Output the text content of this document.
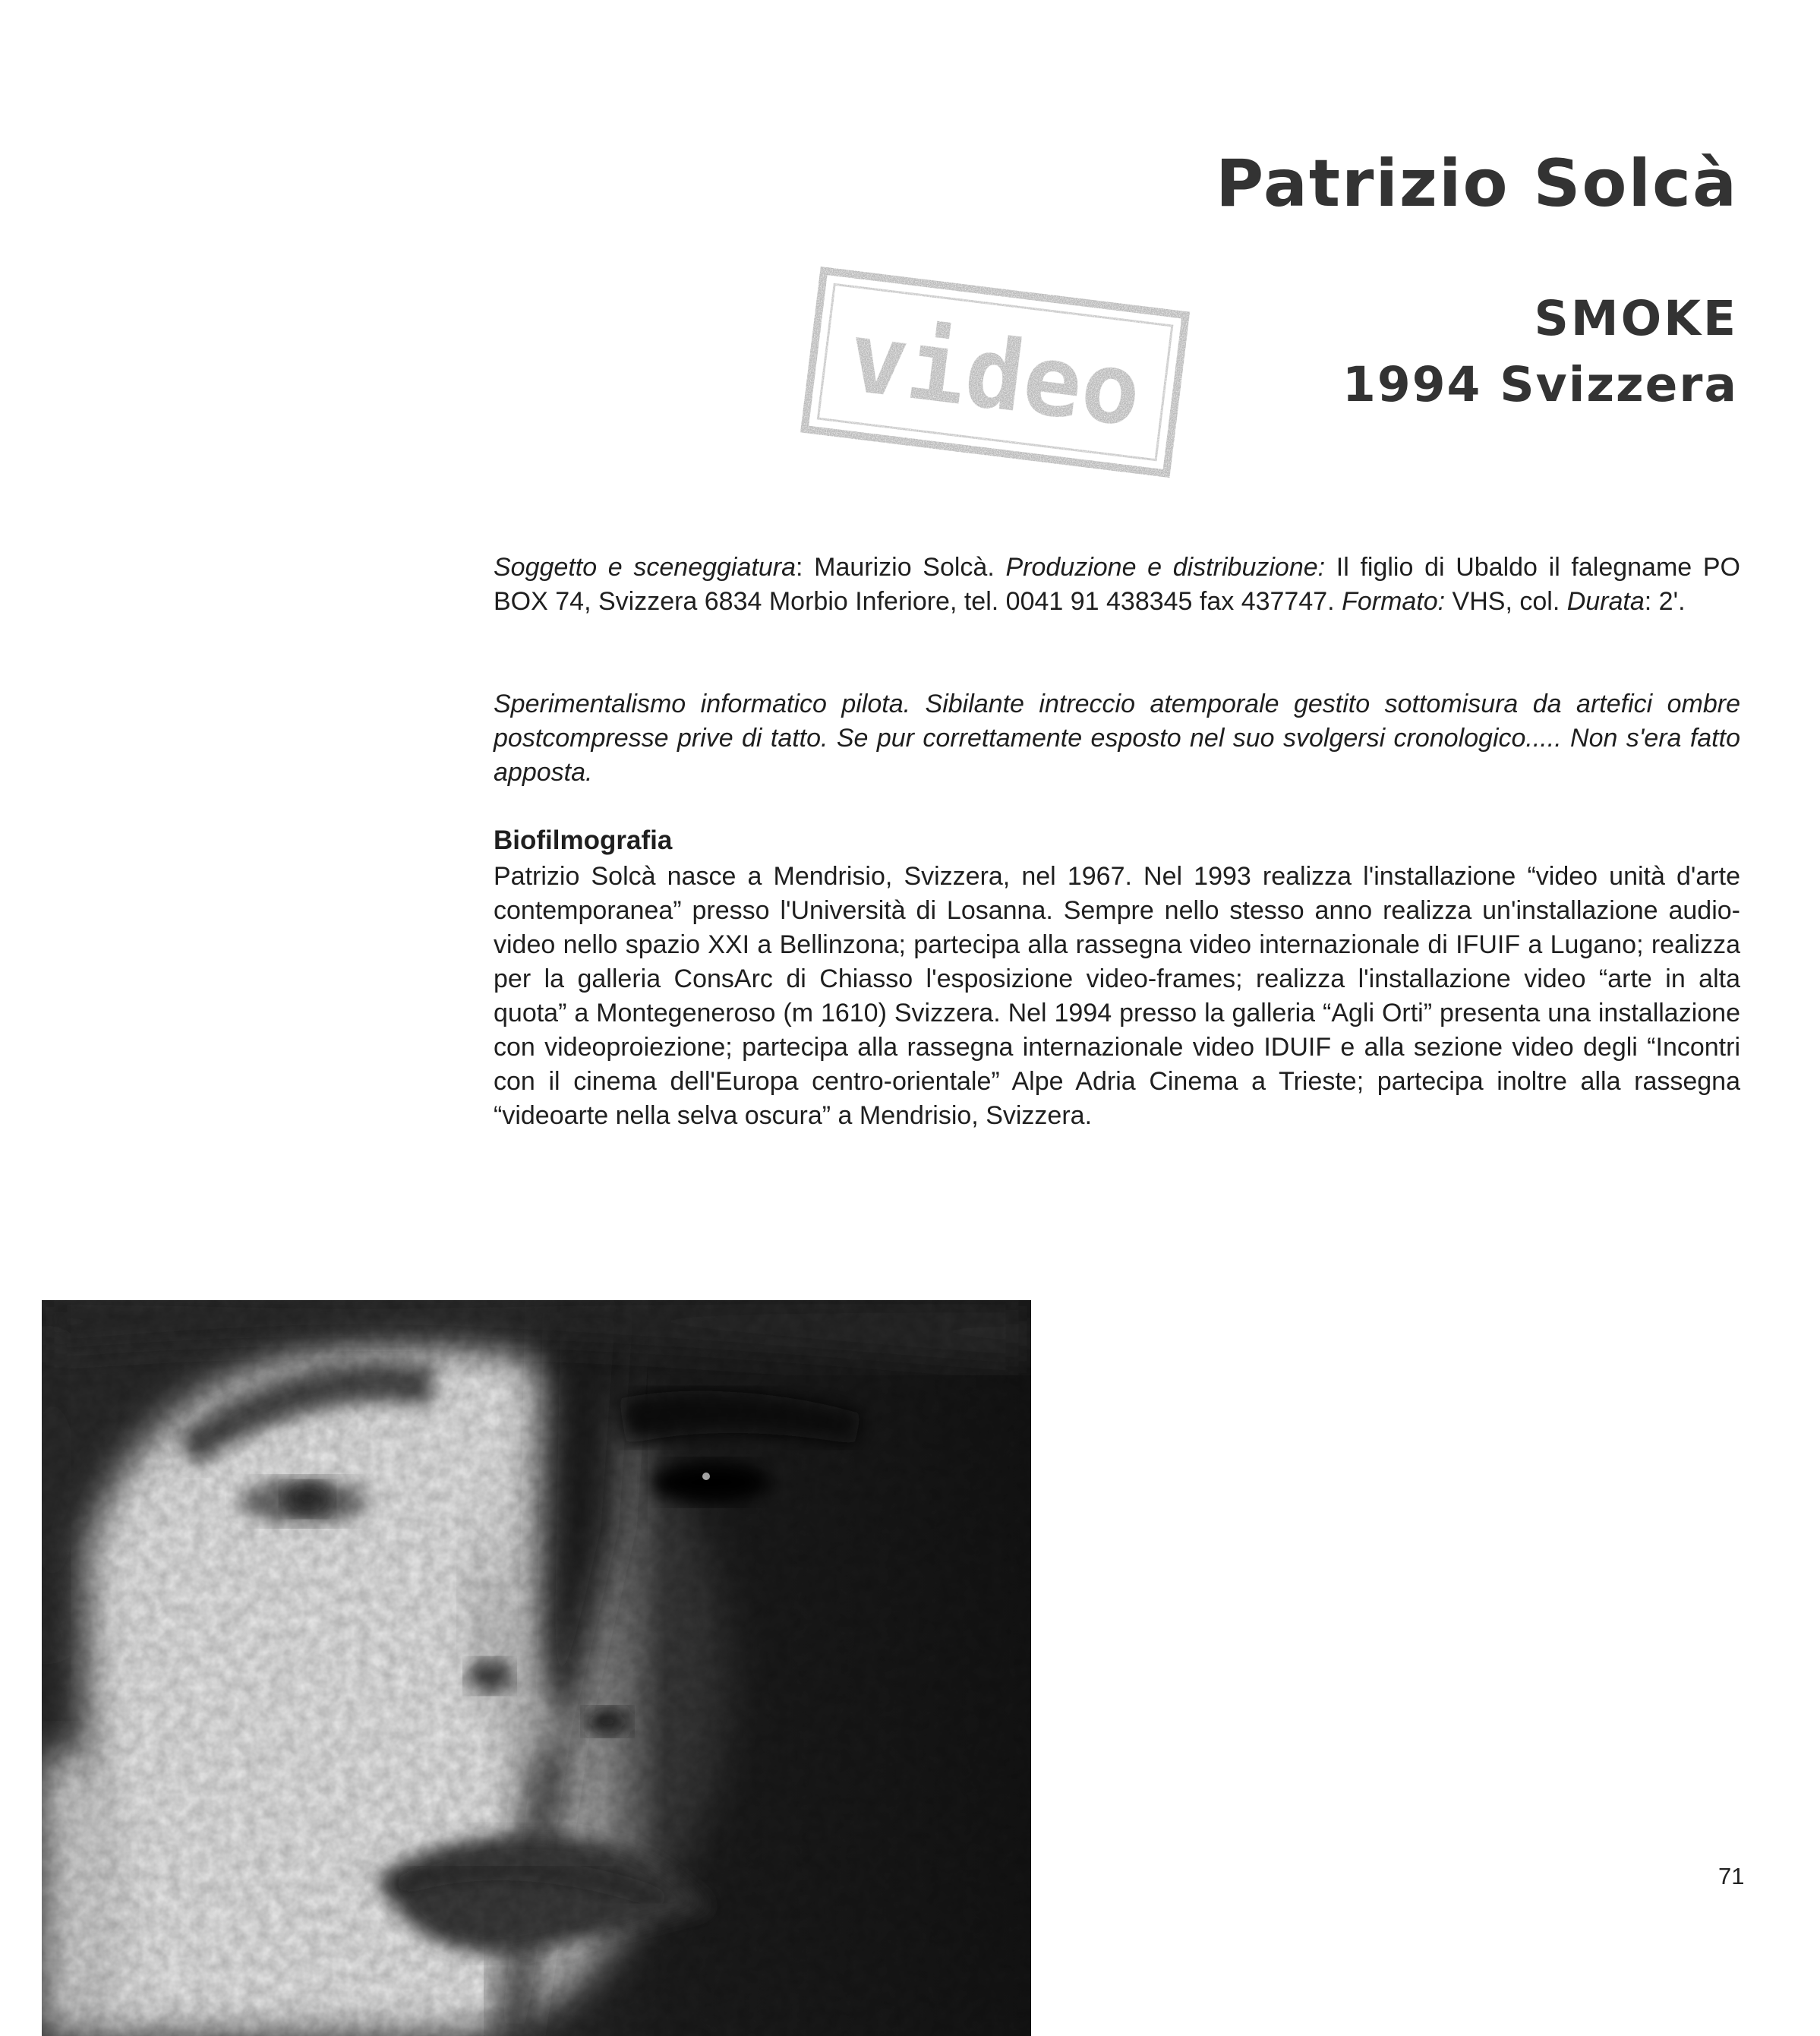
Patrizio Solcà
video	SMOKE
1994 Svizzera
Soggetto e sceneggiatura: Maurizio Solcà. Produzione e distribuzione: Il figlio di Ubaldo il falegname PO BOX 74, Svizzera 6834 Morbio Inferiore, tel. 0041 91 438345 fax 437747. Formato: VHS, col. Durata: 2'.
Sperimentalismo informatico pilota. Sibilante intreccio atemporale gestito sottomisura da artefici ombre postcompresse prive di tatto. Se pur correttamente esposto nel suo svolgersi cronologico..... Non s'era fatto apposta.
Biofilmografia
Patrizio Solcà nasce a Mendrisio, Svizzera, nel 1967. Nel 1993 realizza l'installazione “video unità d'arte contemporanea” presso l'Università di Losanna. Sempre nello stesso anno realizza un'installazione audio-video nello spazio XXI a Bellinzona; partecipa alla rassegna video internazionale di IFUIF a Lugano; realizza per la galleria ConsArc di Chiasso l'esposizione video-frames; realizza l'installazione video “arte in alta quota” a Montegeneroso (m 1610) Svizzera. Nel 1994 presso la galleria “Agli Orti” presenta una installazione con videoproiezione; partecipa alla rassegna internazionale video IDUIF e alla sezione video degli “Incontri con il cinema dell'Europa centro-orientale” Alpe Adria Cinema a Trieste; partecipa inoltre alla rassegna “videoarte nella selva oscura” a Mendrisio, Svizzera.
71
